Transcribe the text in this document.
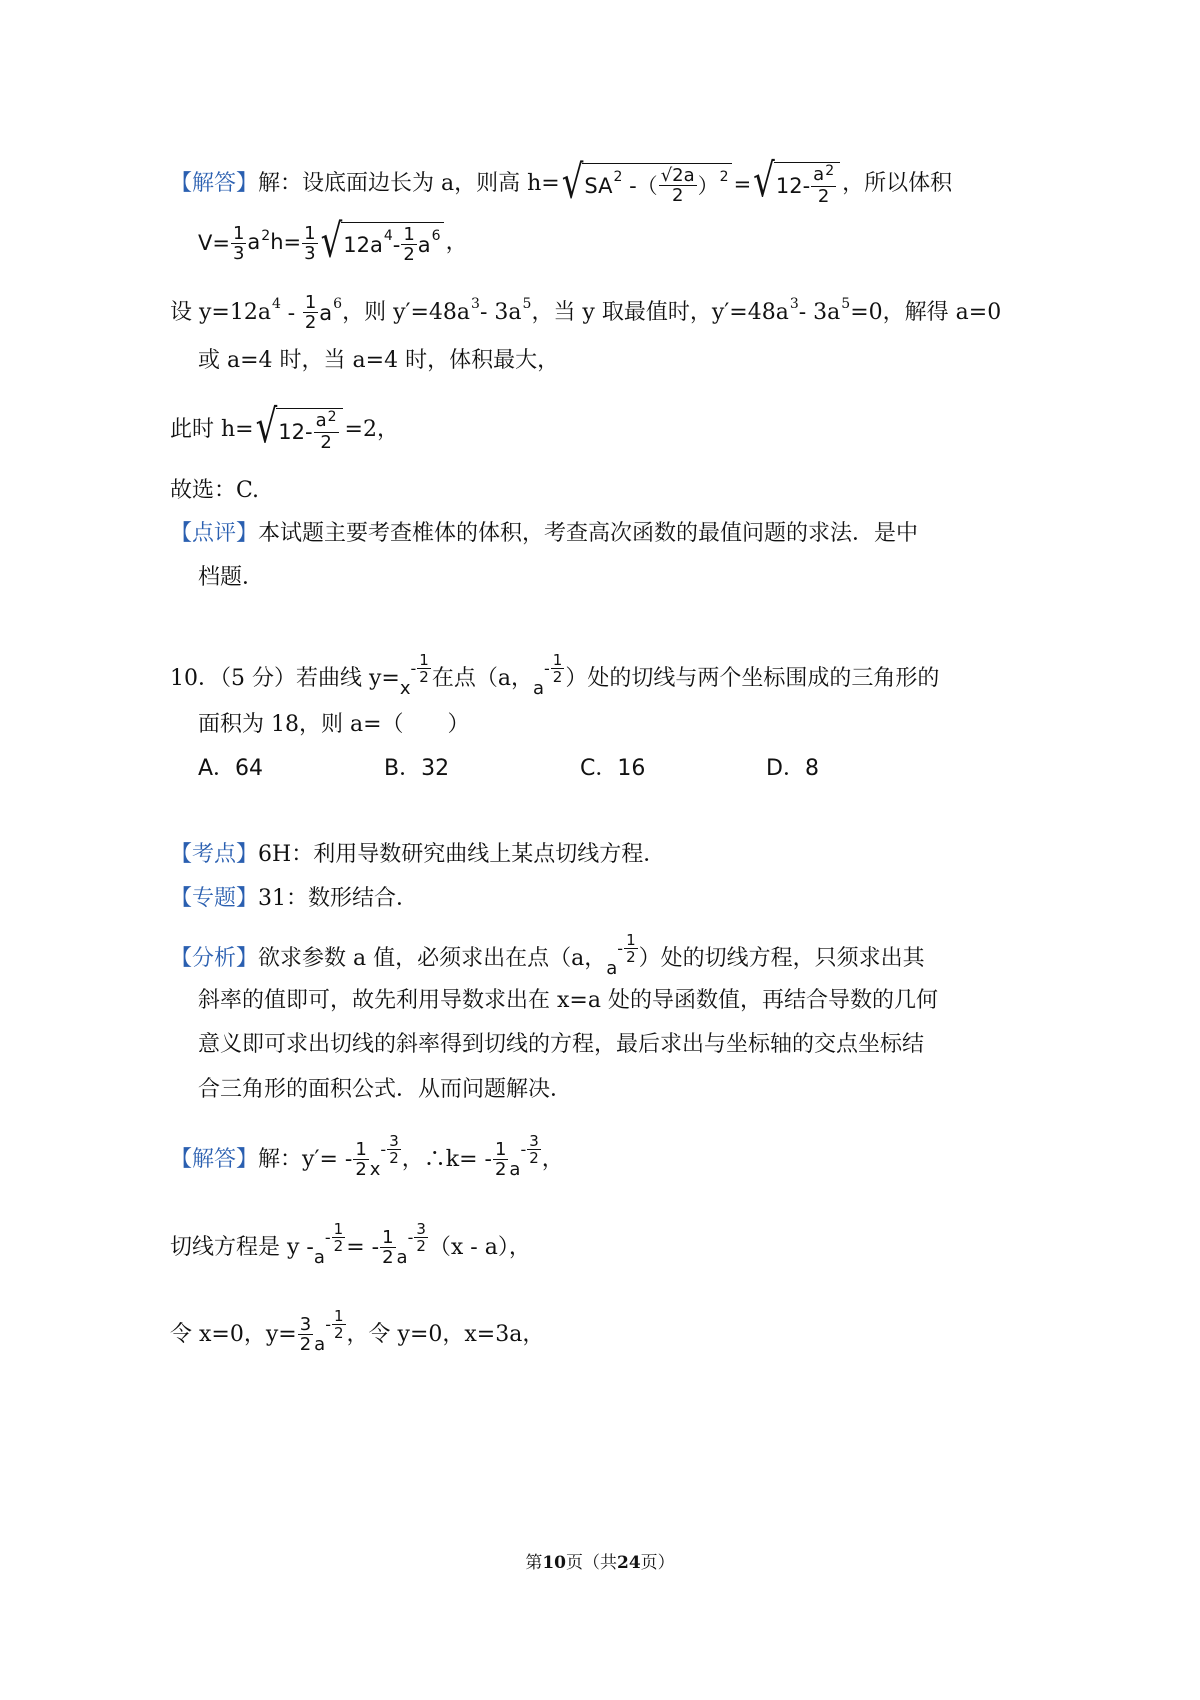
【解答】 解：设底面边长为 a，则高 h= √ SA 2 -（ $\frac{√2a}{2}$ ） 2 = √ $12- \frac{a^2}{2}$ ，所以体积
$V= \frac{1}{3} a^2h= \frac{1}{3}$ √ 12a $4 - \frac{1}{2}$ a 6 ，
设 y=12a $4 - \frac{1}{2}$ a 6 ，则 y′=48a 3 - 3a 5 ，当 y 取最值时，y′=48a 3 - 3a 5 =0，解得 a=0
或 a=4 时，当 a=4 时，体积最大，
此时 h= √ $12- \frac{a^2}{2} =2$，
故选：C.
【点评】 本试题主要考查椎体的体积，考查高次函数的最值问题的求法．是中
档题．
10．（5 分）若曲线 y= x
- $\frac{1}{2}$ 在点（a， a
- $\frac{1}{2}$ ）处的切线与两个坐标围成的三角形的
面积为 18，则 a=（　　）
A．64	B．32	C．16	D．8
【考点】 6H：利用导数研究曲线上某点切线方程．
【专题】 31：数形结合．
【分析】 欲求参数 a 值，必须求出在点（a， a
- $\frac{1}{2}$ ）处的切线方程，只须求出其
斜率的值即可，故先利用导数求出在 x=a 处的导函数值，再结合导数的几何
意义即可求出切线的斜率得到切线的方程，最后求出与坐标轴的交点坐标结
合三角形的面积公式．从而问题解决．
【解答】 解：$y'= - \frac{1}{2}$ x
- $\frac{3}{2}$ ，∴k= - $\frac{1}{2}$ a
- $\frac{3}{2}$ ，
切线方程是 y - a
- $\frac{1}{2}$ = - $\frac{1}{2}$ a
- $\frac{3}{2} (x - a)$，
令 x=0，$y= \frac{3}{2}$ a
- $\frac{1}{2}$ ，令 y=0，x=3a，
第10页（共24页）
